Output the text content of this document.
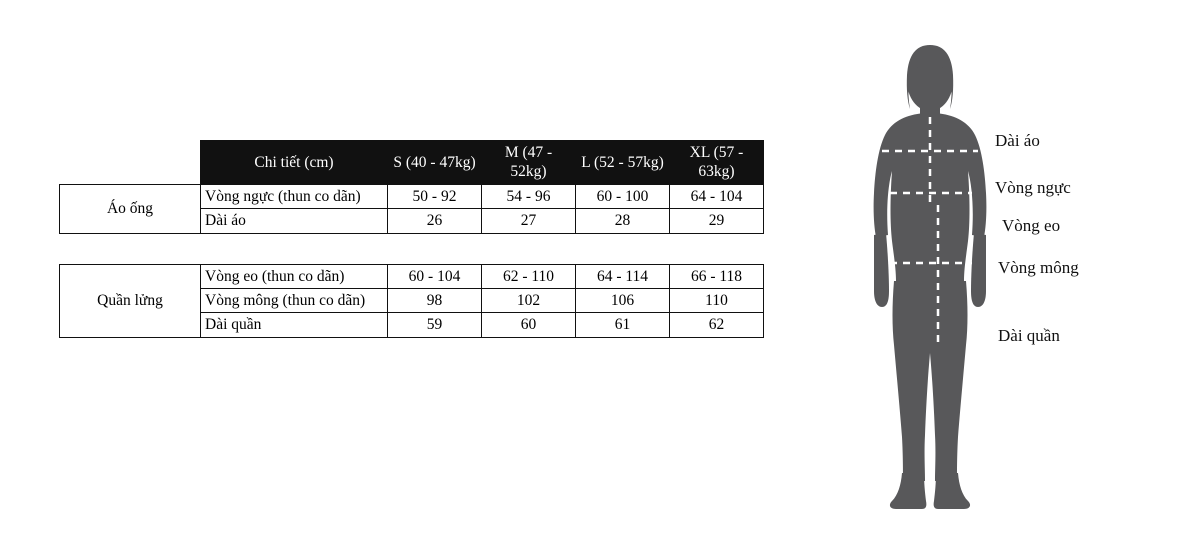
	Chi tiết (cm)	S (40 - 47kg)	M (47 - 52kg)	L (52 - 57kg)	XL (57 - 63kg)
Áo ống	Vòng ngực (thun co dãn)	50 - 92	54 - 96	60 - 100	64 - 104
	Dài áo	26	27	28	29
Quần lửng	Vòng eo (thun co dãn)	60 - 104	62 - 110	64 - 114	66 - 118
	Vòng mông (thun co dãn)	98	102	106	110
	Dài quần	59	60	61	62
Dài áo
Vòng ngực
Vòng eo
Vòng mông
Dài quần
